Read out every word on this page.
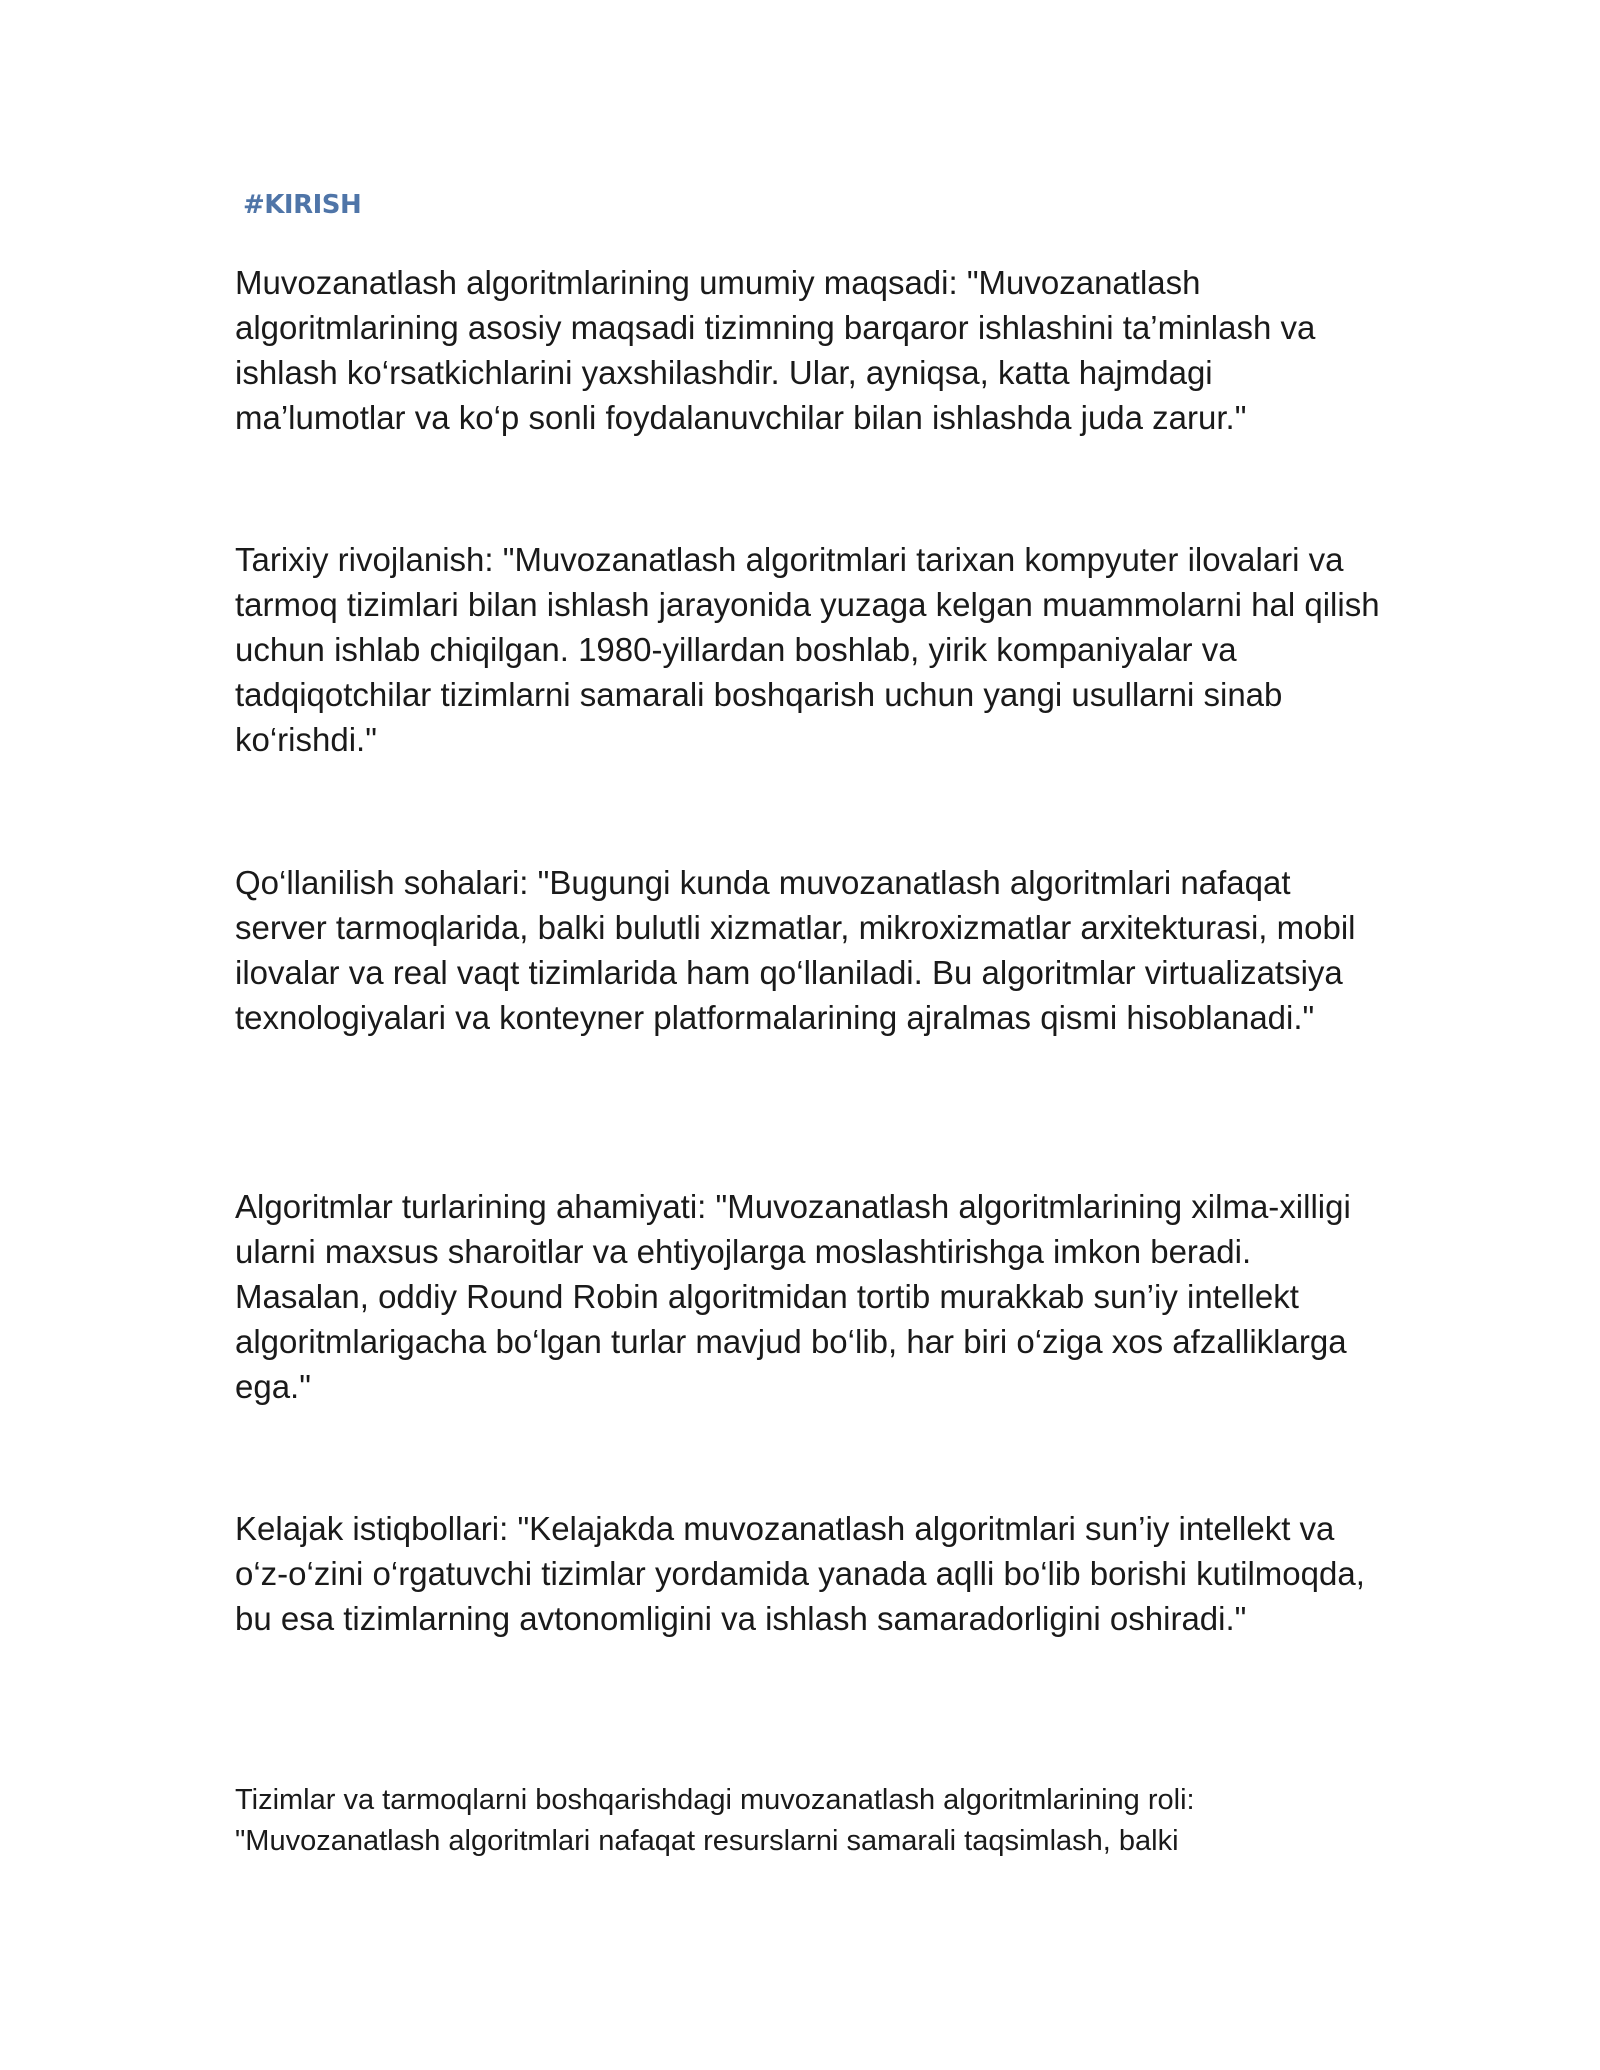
#KIRISH

Muvozanatlash algoritmlarining umumiy maqsadi: "Muvozanatlash algoritmlarining asosiy maqsadi tizimning barqaror ishlashini ta’minlash va ishlash ko‘rsatkichlarini yaxshilashdir. Ular, ayniqsa, katta hajmdagi ma’lumotlar va ko‘p sonli foydalanuvchilar bilan ishlashda juda zarur."

Tarixiy rivojlanish: "Muvozanatlash algoritmlari tarixan kompyuter ilovalari va tarmoq tizimlari bilan ishlash jarayonida yuzaga kelgan muammolarni hal qilish uchun ishlab chiqilgan. 1980-yillardan boshlab, yirik kompaniyalar va tadqiqotchilar tizimlarni samarali boshqarish uchun yangi usullarni sinab ko‘rishdi."

Qo‘llanilish sohalari: "Bugungi kunda muvozanatlash algoritmlari nafaqat server tarmoqlarida, balki bulutli xizmatlar, mikroxizmatlar arxitekturasi, mobil ilovalar va real vaqt tizimlarida ham qo‘llaniladi. Bu algoritmlar virtualizatsiya texnologiyalari va konteyner platformalarining ajralmas qismi hisoblanadi."

Algoritmlar turlarining ahamiyati: "Muvozanatlash algoritmlarining xilma-xilligi ularni maxsus sharoitlar va ehtiyojlarga moslashtirishga imkon beradi. Masalan, oddiy Round Robin algoritmidan tortib murakkab sun’iy intellekt algoritmlarigacha bo‘lgan turlar mavjud bo‘lib, har biri o‘ziga xos afzalliklarga ega."

Kelajak istiqbollari: "Kelajakda muvozanatlash algoritmlari sun’iy intellekt va o‘z-o‘zini o‘rgatuvchi tizimlar yordamida yanada aqlli bo‘lib borishi kutilmoqda, bu esa tizimlarning avtonomligini va ishlash samaradorligini oshiradi."

Tizimlar va tarmoqlarni boshqarishdagi muvozanatlash algoritmlarining roli: "Muvozanatlash algoritmlari nafaqat resurslarni samarali taqsimlash, balki
